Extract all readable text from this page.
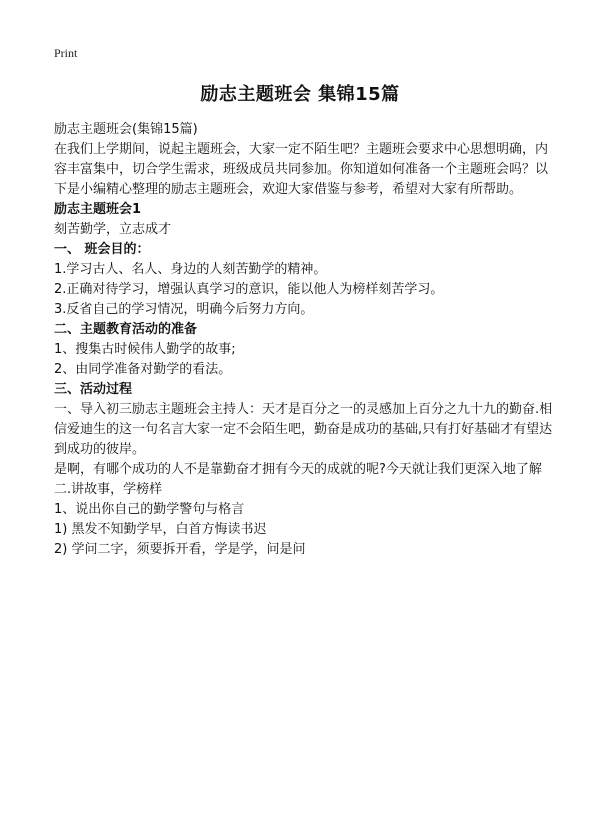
Print
励志主题班会 集锦15篇

励志主题班会(集锦15篇)

在我们上学期间，说起主题班会，大家一定不陌生吧？主题班会要求中心思想明确，内容丰富集中，切合学生需求，班级成员共同参加。你知道如何准备一个主题班会吗？以下是小编精心整理的励志主题班会，欢迎大家借鉴与参考，希望对大家有所帮助。

励志主题班会1

刻苦勤学，立志成才

一、 班会目的：

1.学习古人、名人、身边的人刻苦勤学的精神。

2.正确对待学习，增强认真学习的意识，能以他人为榜样刻苦学习。

3.反省自己的学习情况，明确今后努力方向。

二、主题教育活动的准备

1、搜集古时候伟人勤学的故事;

2、由同学准备对勤学的看法。

三、活动过程

一、导入初三励志主题班会主持人：天才是百分之一的灵感加上百分之九十九的勤奋.相信爱迪生的这一句名言大家一定不会陌生吧，勤奋是成功的基础,只有打好基础才有望达到成功的彼岸。

是啊，有哪个成功的人不是靠勤奋才拥有今天的成就的呢?今天就让我们更深入地了解

二.讲故事，学榜样

1、说出你自己的勤学警句与格言

1) 黑发不知勤学早，白首方悔读书迟

2) 学问二字，须要拆开看，学是学，问是问
